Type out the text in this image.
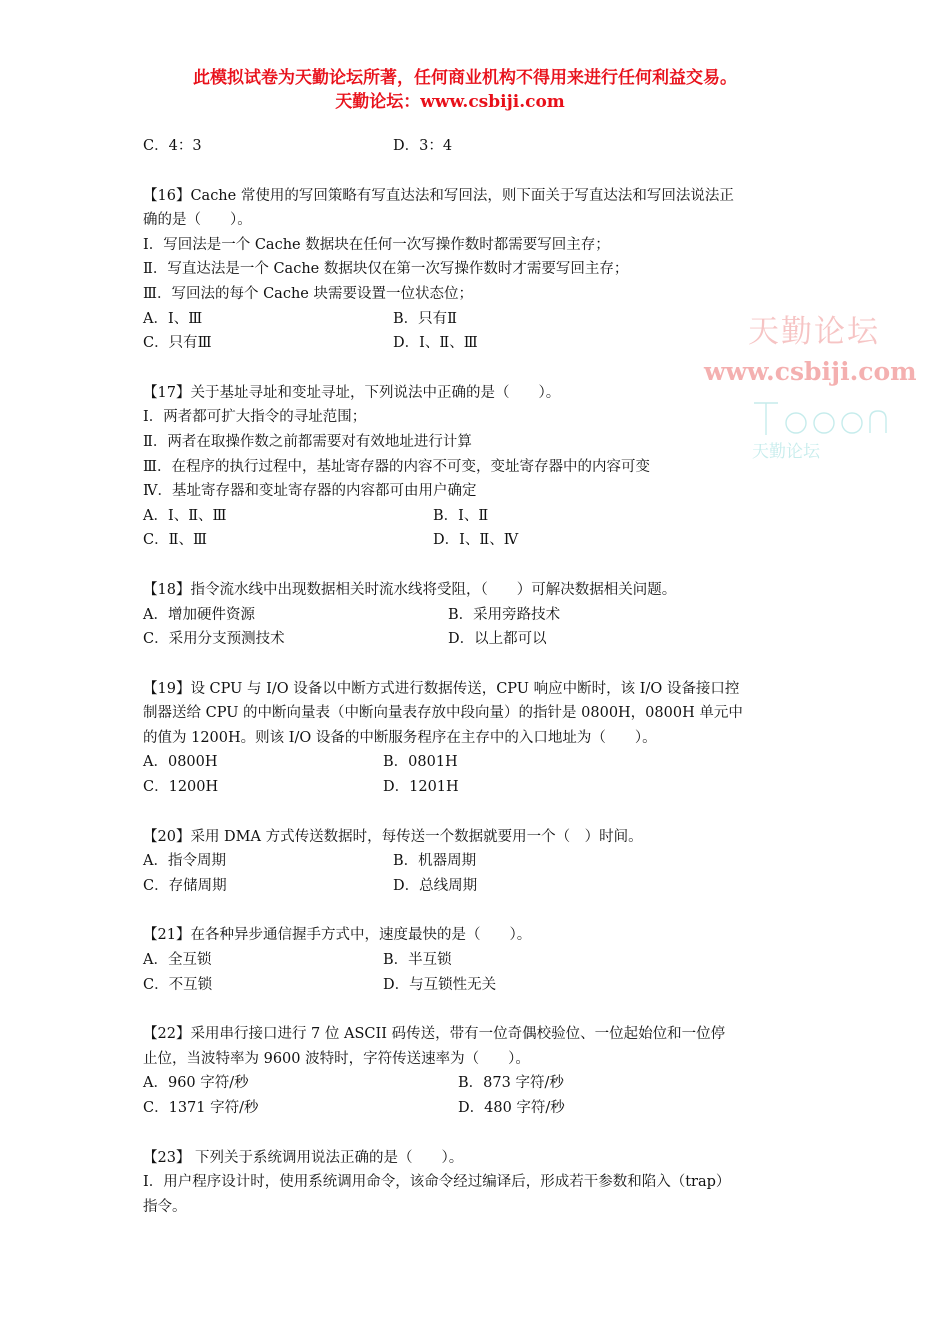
此模拟试卷为天勤论坛所著，任何商业机构不得用来进行任何利益交易。
天勤论坛：www.csbiji.com
天勤论坛
www.csbiji.com
天勤论坛
C．4：3	D．3：4
【16】Cache 常使用的写回策略有写直达法和写回法，则下面关于写直达法和写回法说法正
确的是（　　）。
Ⅰ．写回法是一个 Cache 数据块在任何一次写操作数时都需要写回主存；
Ⅱ．写直达法是一个 Cache 数据块仅在第一次写操作数时才需要写回主存；
Ⅲ．写回法的每个 Cache 块需要设置一位状态位；
A．Ⅰ、Ⅲ	B．只有Ⅱ
C．只有Ⅲ	D．Ⅰ、Ⅱ、Ⅲ
【17】关于基址寻址和变址寻址，下列说法中正确的是（　　）。
Ⅰ．两者都可扩大指令的寻址范围；
Ⅱ．两者在取操作数之前都需要对有效地址进行计算
Ⅲ．在程序的执行过程中，基址寄存器的内容不可变，变址寄存器中的内容可变
Ⅳ．基址寄存器和变址寄存器的内容都可由用户确定
A．Ⅰ、Ⅱ、Ⅲ	B．Ⅰ、Ⅱ
C．Ⅱ、Ⅲ	D．Ⅰ、Ⅱ、Ⅳ
【18】指令流水线中出现数据相关时流水线将受阻，（　　）可解决数据相关问题。
A．增加硬件资源	B．采用旁路技术
C．采用分支预测技术	D．以上都可以
【19】设 CPU 与 I/O 设备以中断方式进行数据传送，CPU 响应中断时，该 I/O 设备接口控
制器送给 CPU 的中断向量表（中断向量表存放中段向量）的指针是 0800H，0800H 单元中
的值为 1200H。则该 I/O 设备的中断服务程序在主存中的入口地址为（　　）。
A．0800H	B．0801H
C．1200H	D．1201H
【20】采用 DMA 方式传送数据时，每传送一个数据就要用一个（　）时间。
A．指令周期	B．机器周期
C．存储周期	D．总线周期
【21】在各种异步通信握手方式中，速度最快的是（　　）。
A．全互锁	B．半互锁
C．不互锁	D．与互锁性无关
【22】采用串行接口进行 7 位 ASCII 码传送，带有一位奇偶校验位、一位起始位和一位停
止位，当波特率为 9600 波特时，字符传送速率为（　　）。
A．960 字符/秒	B．873 字符/秒
C．1371 字符/秒	D．480 字符/秒
【23】 下列关于系统调用说法正确的是（　　）。
I．用户程序设计时，使用系统调用命令，该命令经过编译后，形成若干参数和陷入（trap）
指令。
